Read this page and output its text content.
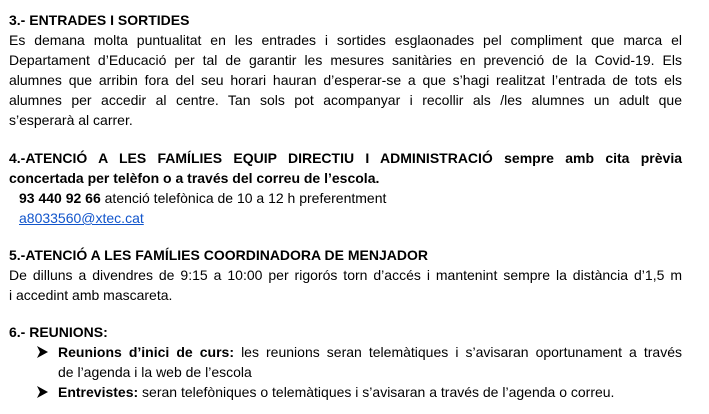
3.- ENTRADES I SORTIDES
Es demana molta puntualitat en les entrades i sortides esglaonades pel compliment que marca el
Departament d’Educació per tal de garantir les mesures sanitàries en prevenció de la Covid-19. Els
alumnes que arribin fora del seu horari hauran d’esperar-se a que s’hagi realitzat l’entrada de tots els
alumnes per accedir al centre. Tan sols pot acompanyar i recollir als /les alumnes un adult que
s’esperarà al carrer.
4.-ATENCIÓ A LES FAMÍLIES EQUIP DIRECTIU I ADMINISTRACIÓ sempre amb cita prèvia
concertada per telèfon o a través del correu de l’escola.
93 440 92 66 atenció telefònica de 10 a 12 h preferentment
a8033560@xtec.cat
5.-ATENCIÓ A LES FAMÍLIES COORDINADORA DE MENJADOR
De dilluns a divendres de 9:15 a 10:00 per rigorós torn d’accés i mantenint sempre la distància d’1,5 m
i accedint amb mascareta.
6.- REUNIONS:
Reunions d’inici de curs: les reunions seran telemàtiques i s’avisaran oportunament a través
de l’agenda i la web de l’escola
Entrevistes: seran telefòniques o telemàtiques i s’avisaran a través de l’agenda o correu.
